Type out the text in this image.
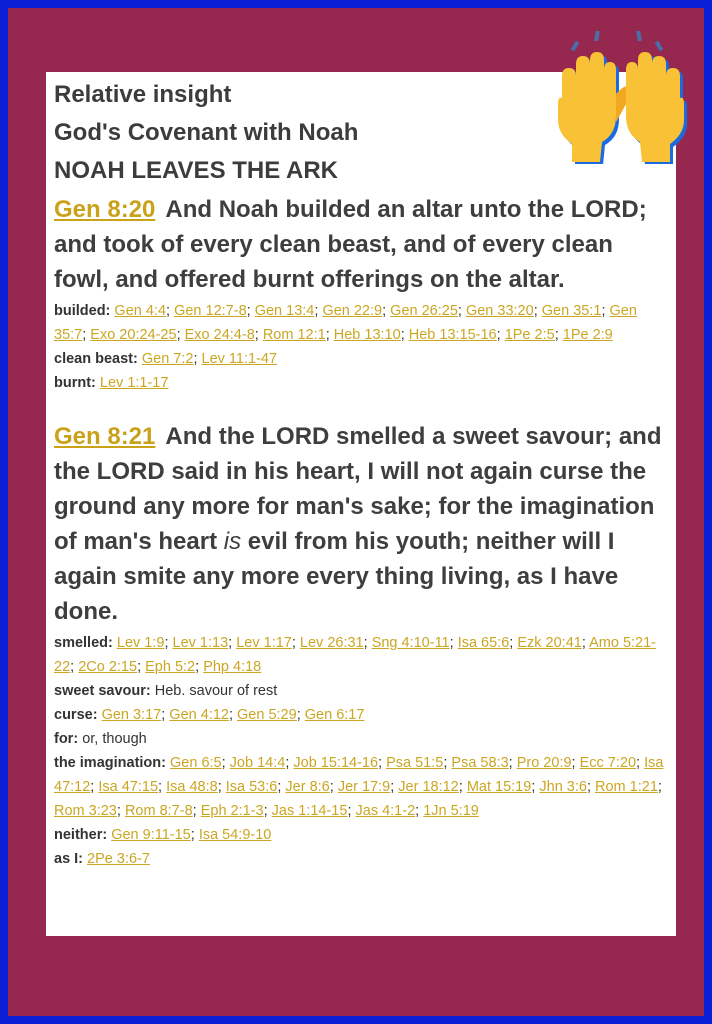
Relative insight
God's Covenant with Noah
NOAH LEAVES THE ARK
Gen 8:20 And Noah builded an altar unto the LORD; and took of every clean beast, and of every clean fowl, and offered burnt offerings on the altar.
builded: Gen 4:4; Gen 12:7-8; Gen 13:4; Gen 22:9; Gen 26:25; Gen 33:20; Gen 35:1; Gen 35:7; Exo 20:24-25; Exo 24:4-8; Rom 12:1; Heb 13:10; Heb 13:15-16; 1Pe 2:5; 1Pe 2:9
clean beast: Gen 7:2; Lev 11:1-47
burnt: Lev 1:1-17
Gen 8:21 And the LORD smelled a sweet savour; and the LORD said in his heart, I will not again curse the ground any more for man's sake; for the imagination of man's heart is evil from his youth; neither will I again smite any more every thing living, as I have done.
smelled: Lev 1:9; Lev 1:13; Lev 1:17; Lev 26:31; Sng 4:10-11; Isa 65:6; Ezk 20:41; Amo 5:21-22; 2Co 2:15; Eph 5:2; Php 4:18
sweet savour: Heb. savour of rest
curse: Gen 3:17; Gen 4:12; Gen 5:29; Gen 6:17
for: or, though
the imagination: Gen 6:5; Job 14:4; Job 15:14-16; Psa 51:5; Psa 58:3; Pro 20:9; Ecc 7:20; Isa 47:12; Isa 47:15; Isa 48:8; Isa 53:6; Jer 8:6; Jer 17:9; Jer 18:12; Mat 15:19; Jhn 3:6; Rom 1:21; Rom 3:23; Rom 8:7-8; Eph 2:1-3; Jas 1:14-15; Jas 4:1-2; 1Jn 5:19
neither: Gen 9:11-15; Isa 54:9-10
as I: 2Pe 3:6-7
